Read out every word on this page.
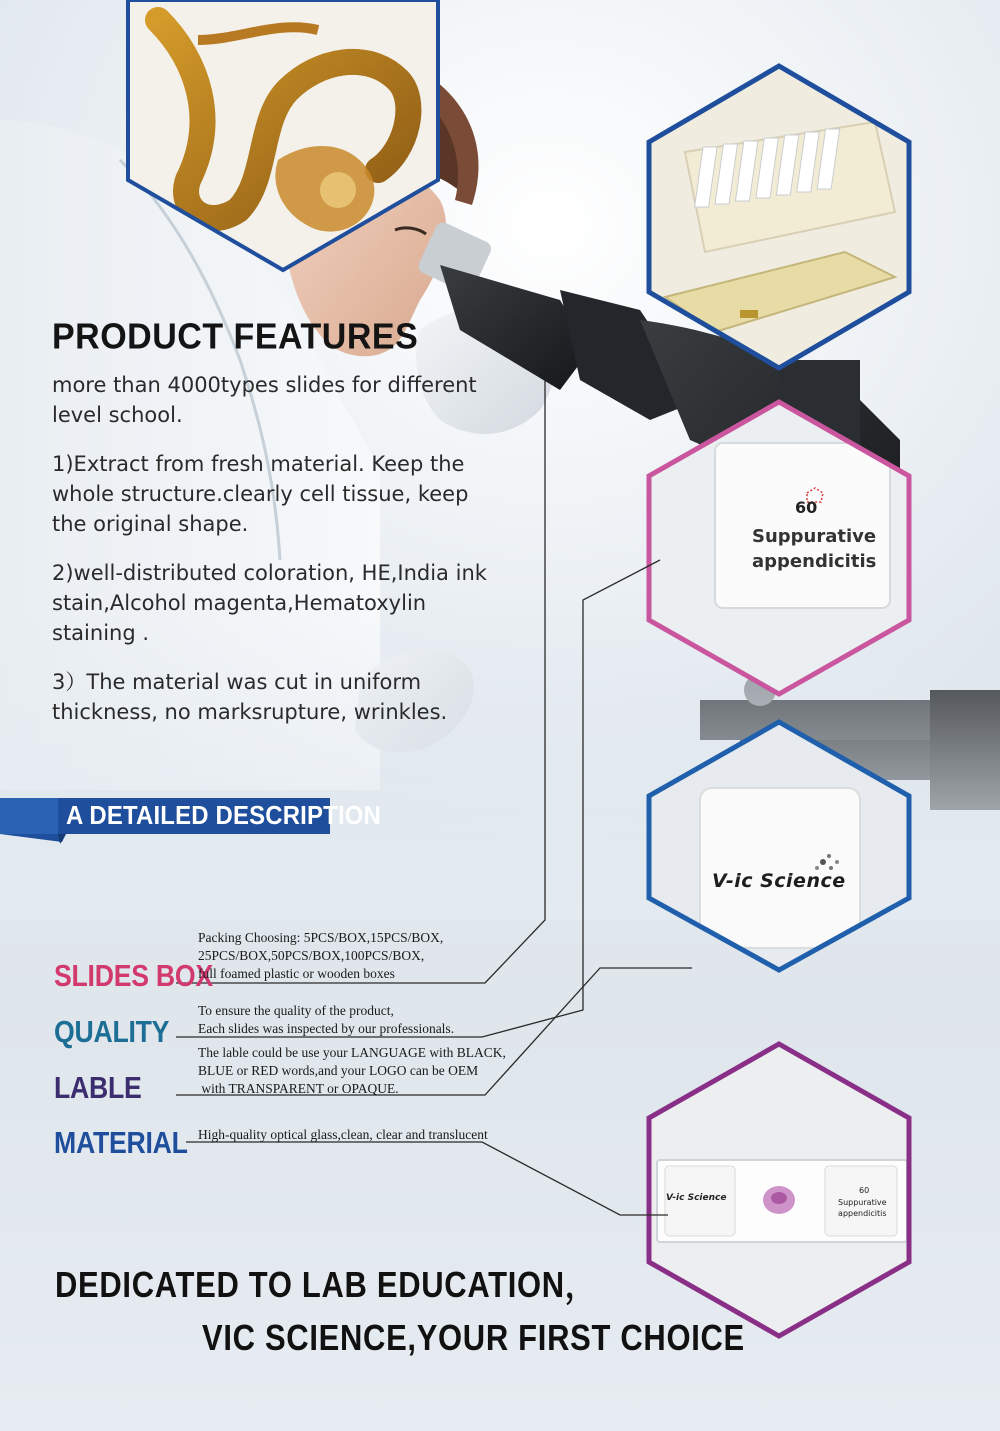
60
Suppurative
appendicitis
V-ic Science
V-ic Science
60
Suppurative
appendicitis
PRODUCT FEATURES
more than 4000types slides for different
level school.
1)Extract from fresh material. Keep the
whole structure.clearly cell tissue, keep
the original shape.
2)well-distributed coloration, HE,India ink
stain,Alcohol magenta,Hematoxylin
staining .
3）The material was cut in uniform
thickness, no marksrupture, wrinkles.
A DETAILED DESCRIPTION
SLIDES BOX
QUALITY
LABLE
MATERIAL
Packing Choosing: 5PCS/BOX,15PCS/BOX,
25PCS/BOX,50PCS/BOX,100PCS/BOX,
full foamed plastic or wooden boxes
To ensure the quality of the product,
Each slides was inspected by our professionals.
The lable could be use your LANGUAGE with BLACK,
BLUE or RED words,and your LOGO can be OEM
with TRANSPARENT or OPAQUE.
High-quality optical glass,clean, clear and translucent
DEDICATED TO LAB EDUCATION，
VIC SCIENCE,YOUR FIRST CHOICE
